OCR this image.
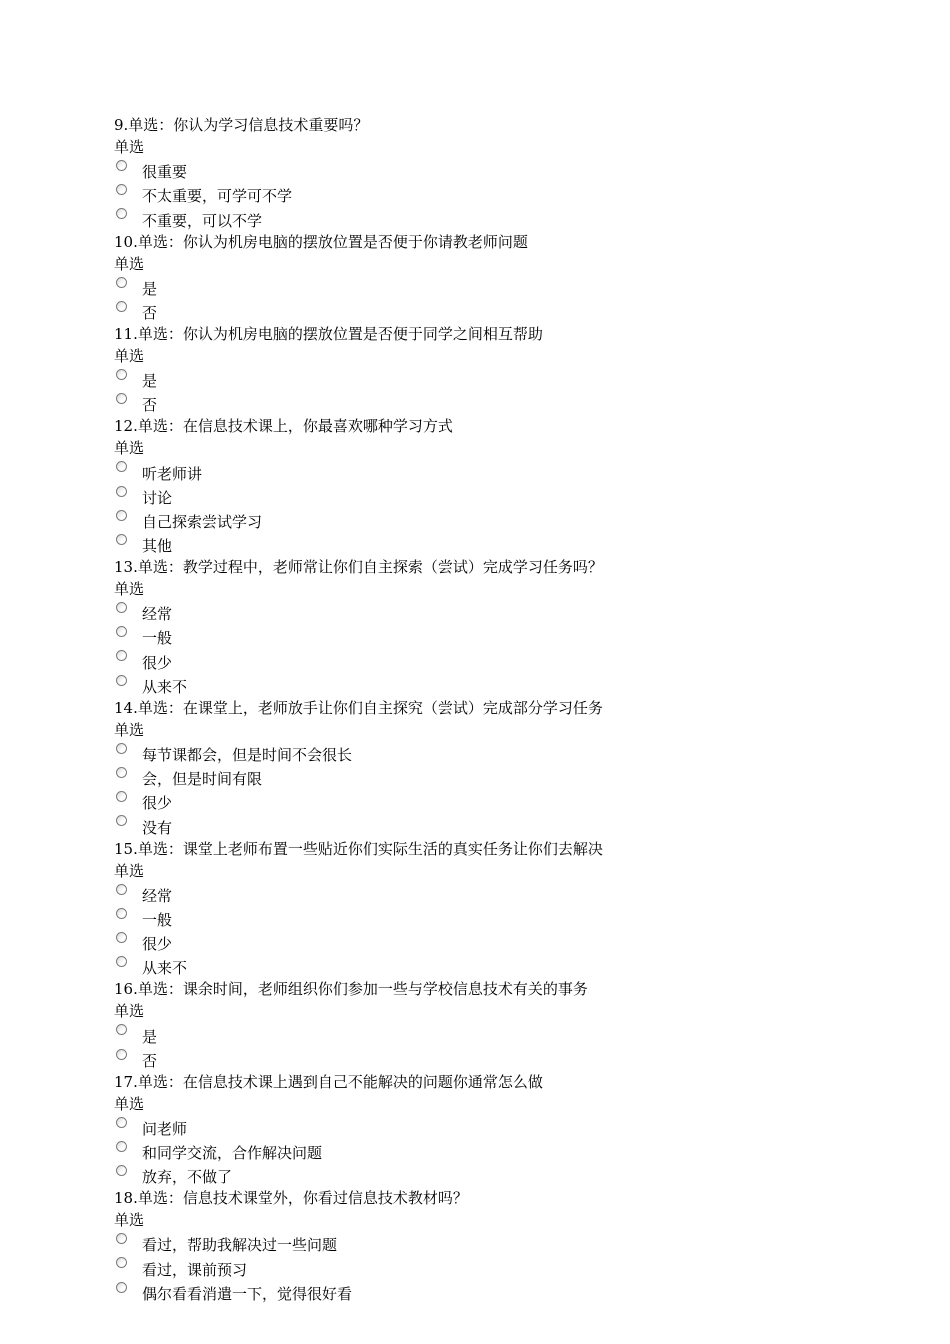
9.单选：你认为学习信息技术重要吗？
单选
很重要
不太重要，可学可不学
不重要，可以不学
10.单选：你认为机房电脑的摆放位置是否便于你请教老师问题
单选
是
否
11.单选：你认为机房电脑的摆放位置是否便于同学之间相互帮助
单选
是
否
12.单选：在信息技术课上，你最喜欢哪种学习方式
单选
听老师讲
讨论
自己探索尝试学习
其他
13.单选：教学过程中，老师常让你们自主探索（尝试）完成学习任务吗？
单选
经常
一般
很少
从来不
14.单选：在课堂上，老师放手让你们自主探究（尝试）完成部分学习任务
单选
每节课都会，但是时间不会很长
会，但是时间有限
很少
没有
15.单选：课堂上老师布置一些贴近你们实际生活的真实任务让你们去解决
单选
经常
一般
很少
从来不
16.单选：课余时间，老师组织你们参加一些与学校信息技术有关的事务
单选
是
否
17.单选：在信息技术课上遇到自己不能解决的问题你通常怎么做
单选
问老师
和同学交流，合作解决问题
放弃，不做了
18.单选：信息技术课堂外，你看过信息技术教材吗？
单选
看过，帮助我解决过一些问题
看过，课前预习
偶尔看看消遣一下，觉得很好看
